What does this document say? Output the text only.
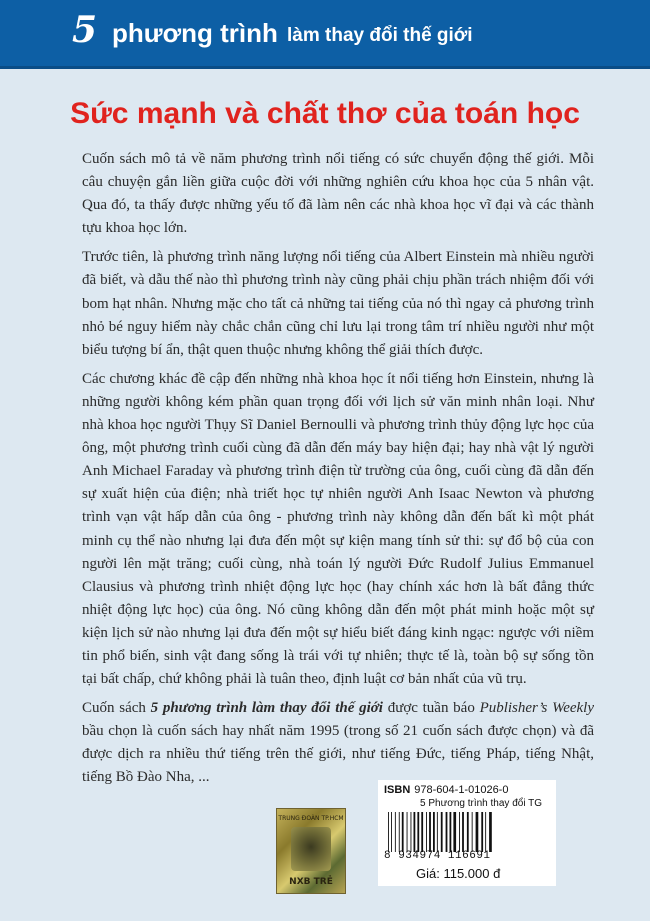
5 phương trình làm thay đổi thế giới
Sức mạnh và chất thơ của toán học

Cuốn sách mô tả về năm phương trình nổi tiếng có sức chuyển động thế giới. Mỗi câu chuyện gắn liền giữa cuộc đời với những nghiên cứu khoa học của 5 nhân vật. Qua đó, ta thấy được những yếu tố đã làm nên các nhà khoa học vĩ đại và các thành tựu khoa học lớn.

Trước tiên, là phương trình năng lượng nổi tiếng của Albert Einstein mà nhiều người đã biết, và dẫu thế nào thì phương trình này cũng phải chịu phần trách nhiệm đối với bom hạt nhân. Nhưng mặc cho tất cả những tai tiếng của nó thì ngay cả phương trình nhỏ bé nguy hiểm này chắc chắn cũng chỉ lưu lại trong tâm trí nhiều người như một biểu tượng bí ẩn, thật quen thuộc nhưng không thể giải thích được.

Các chương khác đề cập đến những nhà khoa học ít nổi tiếng hơn Einstein, nhưng là những người không kém phần quan trọng đối với lịch sử văn minh nhân loại. Như nhà khoa học người Thụy Sĩ Daniel Bernoulli và phương trình thủy động lực học của ông, một phương trình cuối cùng đã dẫn đến máy bay hiện đại; hay nhà vật lý người Anh Michael Faraday và phương trình điện từ trường của ông, cuối cùng đã dẫn đến sự xuất hiện của điện; nhà triết học tự nhiên người Anh Isaac Newton và phương trình vạn vật hấp dẫn của ông - phương trình này không dẫn đến bất kì một phát minh cụ thể nào nhưng lại đưa đến một sự kiện mang tính sử thi: sự đổ bộ của con người lên mặt trăng; cuối cùng, nhà toán lý người Đức Rudolf Julius Emmanuel Clausius và phương trình nhiệt động lực học (hay chính xác hơn là bất đẳng thức nhiệt động lực học) của ông. Nó cũng không dẫn đến một phát minh hoặc một sự kiện lịch sử nào nhưng lại đưa đến một sự hiểu biết đáng kinh ngạc: ngược với niềm tin phổ biến, sinh vật đang sống là trái với tự nhiên; thực tế là, toàn bộ sự sống tồn tại bất chấp, chứ không phải là tuân theo, định luật cơ bản nhất của vũ trụ.

Cuốn sách 5 phương trình làm thay đổi thế giới được tuần báo Publisher’s Weekly bầu chọn là cuốn sách hay nhất năm 1995 (trong số 21 cuốn sách được chọn) và đã được dịch ra nhiều thứ tiếng trên thế giới, như tiếng Đức, tiếng Pháp, tiếng Nhật, tiếng Bồ Đào Nha, ...

TRUNG ĐOÀN TP.HCM
NXB TRẺ
ISBN 978-604-1-01026-0
5 Phương trình thay đổi TG
8 934974 116691
Giá: 115.000 đ
